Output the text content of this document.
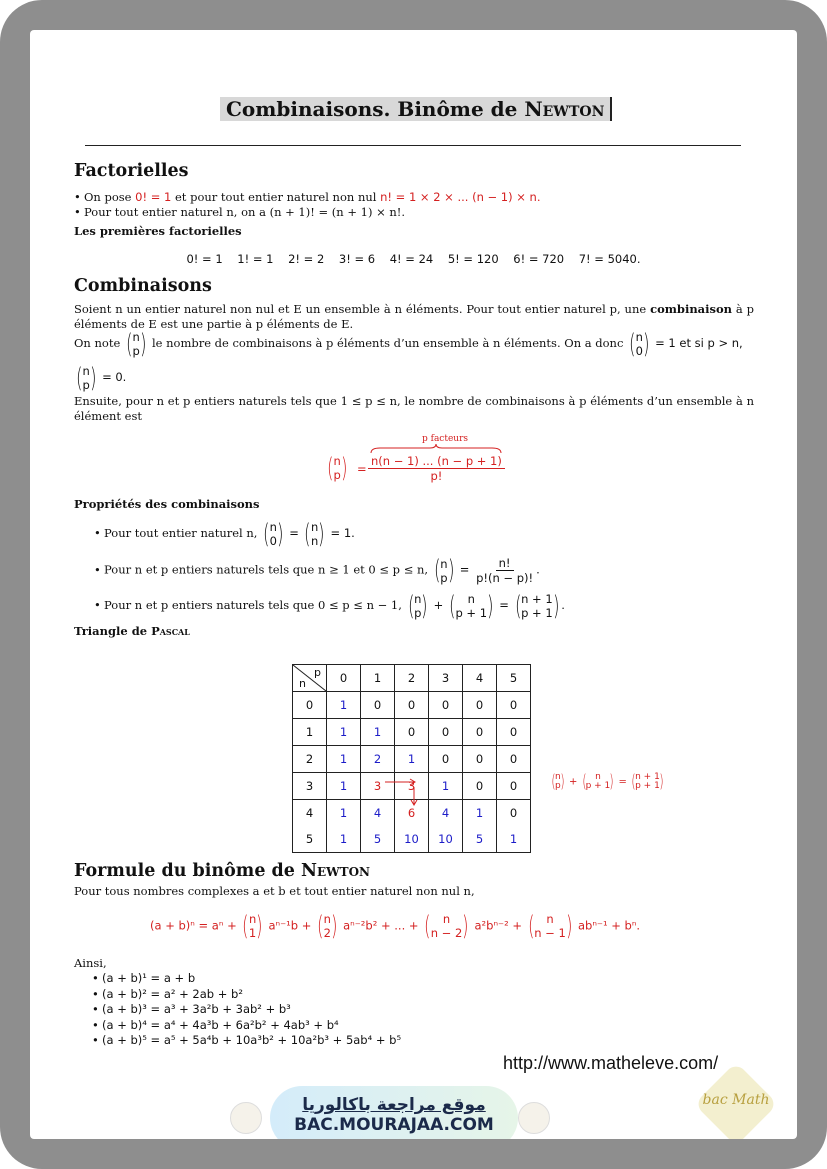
Combinaisons. Binôme de Newton
Factorielles
• On pose 0! = 1 et pour tout entier naturel non nul n! = 1 × 2 × ... (n − 1) × n.
• Pour tout entier naturel n, on a (n + 1)! = (n + 1) × n!.
Les premières factorielles
0! = 1    1! = 1    2! = 2    3! = 6    4! = 24    5! = 120    6! = 720    7! = 5040.
Combinaisons
Soient n un entier naturel non nul et E un ensemble à n éléments. Pour tout entier naturel p, une combinaison à p éléments de E est une partie à p éléments de E.
On note ( n
p ) le nombre de combinaisons à p éléments d’un ensemble à n éléments. On a donc ( n
0 ) = 1 et si p > n,
( n
p ) = 0.
Ensuite, pour n et p entiers naturels tels que 1 ≤ p ≤ n, le nombre de combinaisons à p éléments d’un ensemble à n élément est
p facteurs
( n
p ) = $\frac{n(n - 1) ... (n - p + 1)}{p!}$
Propriétés des combinaisons
• Pour tout entier naturel n, ( n
0 ) = ( n
n ) = 1.
• Pour n et p entiers naturels tels que n ≥ 1 et 0 ≤ p ≤ n, ( n
p ) = $\frac{n!}{p!(n - p)!}$ .
• Pour n et p entiers naturels tels que 0 ≤ p ≤ n − 1, ( n
p ) + ( n
p + 1 ) = ( n + 1
p + 1 ) .
Triangle de Pascal
p
n	0	1	2	3	4	5
0	1	0	0	0	0	0
1	1	1	0	0	0	0
2	1	2	1	0	0	0
3	1	3	3	1	0	0
4	1	4	6	4	1	0
5	1	5	10	10	5	1
( n
p ) + ( n
p + 1 ) = ( n + 1
p + 1 )
Formule du binôme de Newton
Pour tous nombres complexes a et b et tout entier naturel non nul n,
(a + b)ⁿ = aⁿ + ( n
1 ) aⁿ⁻¹b + ( n
2 ) aⁿ⁻²b² + ... + ( n
n − 2 ) a²bⁿ⁻² + ( n
n − 1 ) abⁿ⁻¹ + bⁿ.
Ainsi,
• (a + b)¹ = a + b
• (a + b)² = a² + 2ab + b²
• (a + b)³ = a³ + 3a²b + 3ab² + b³
• (a + b)⁴ = a⁴ + 4a³b + 6a²b² + 4ab³ + b⁴
• (a + b)⁵ = a⁵ + 5a⁴b + 10a³b² + 10a²b³ + 5ab⁴ + b⁵
http://www.matheleve.com/
موقع مراجعة باكالوريا
BAC.MOURAJAA.COM
bac Math
